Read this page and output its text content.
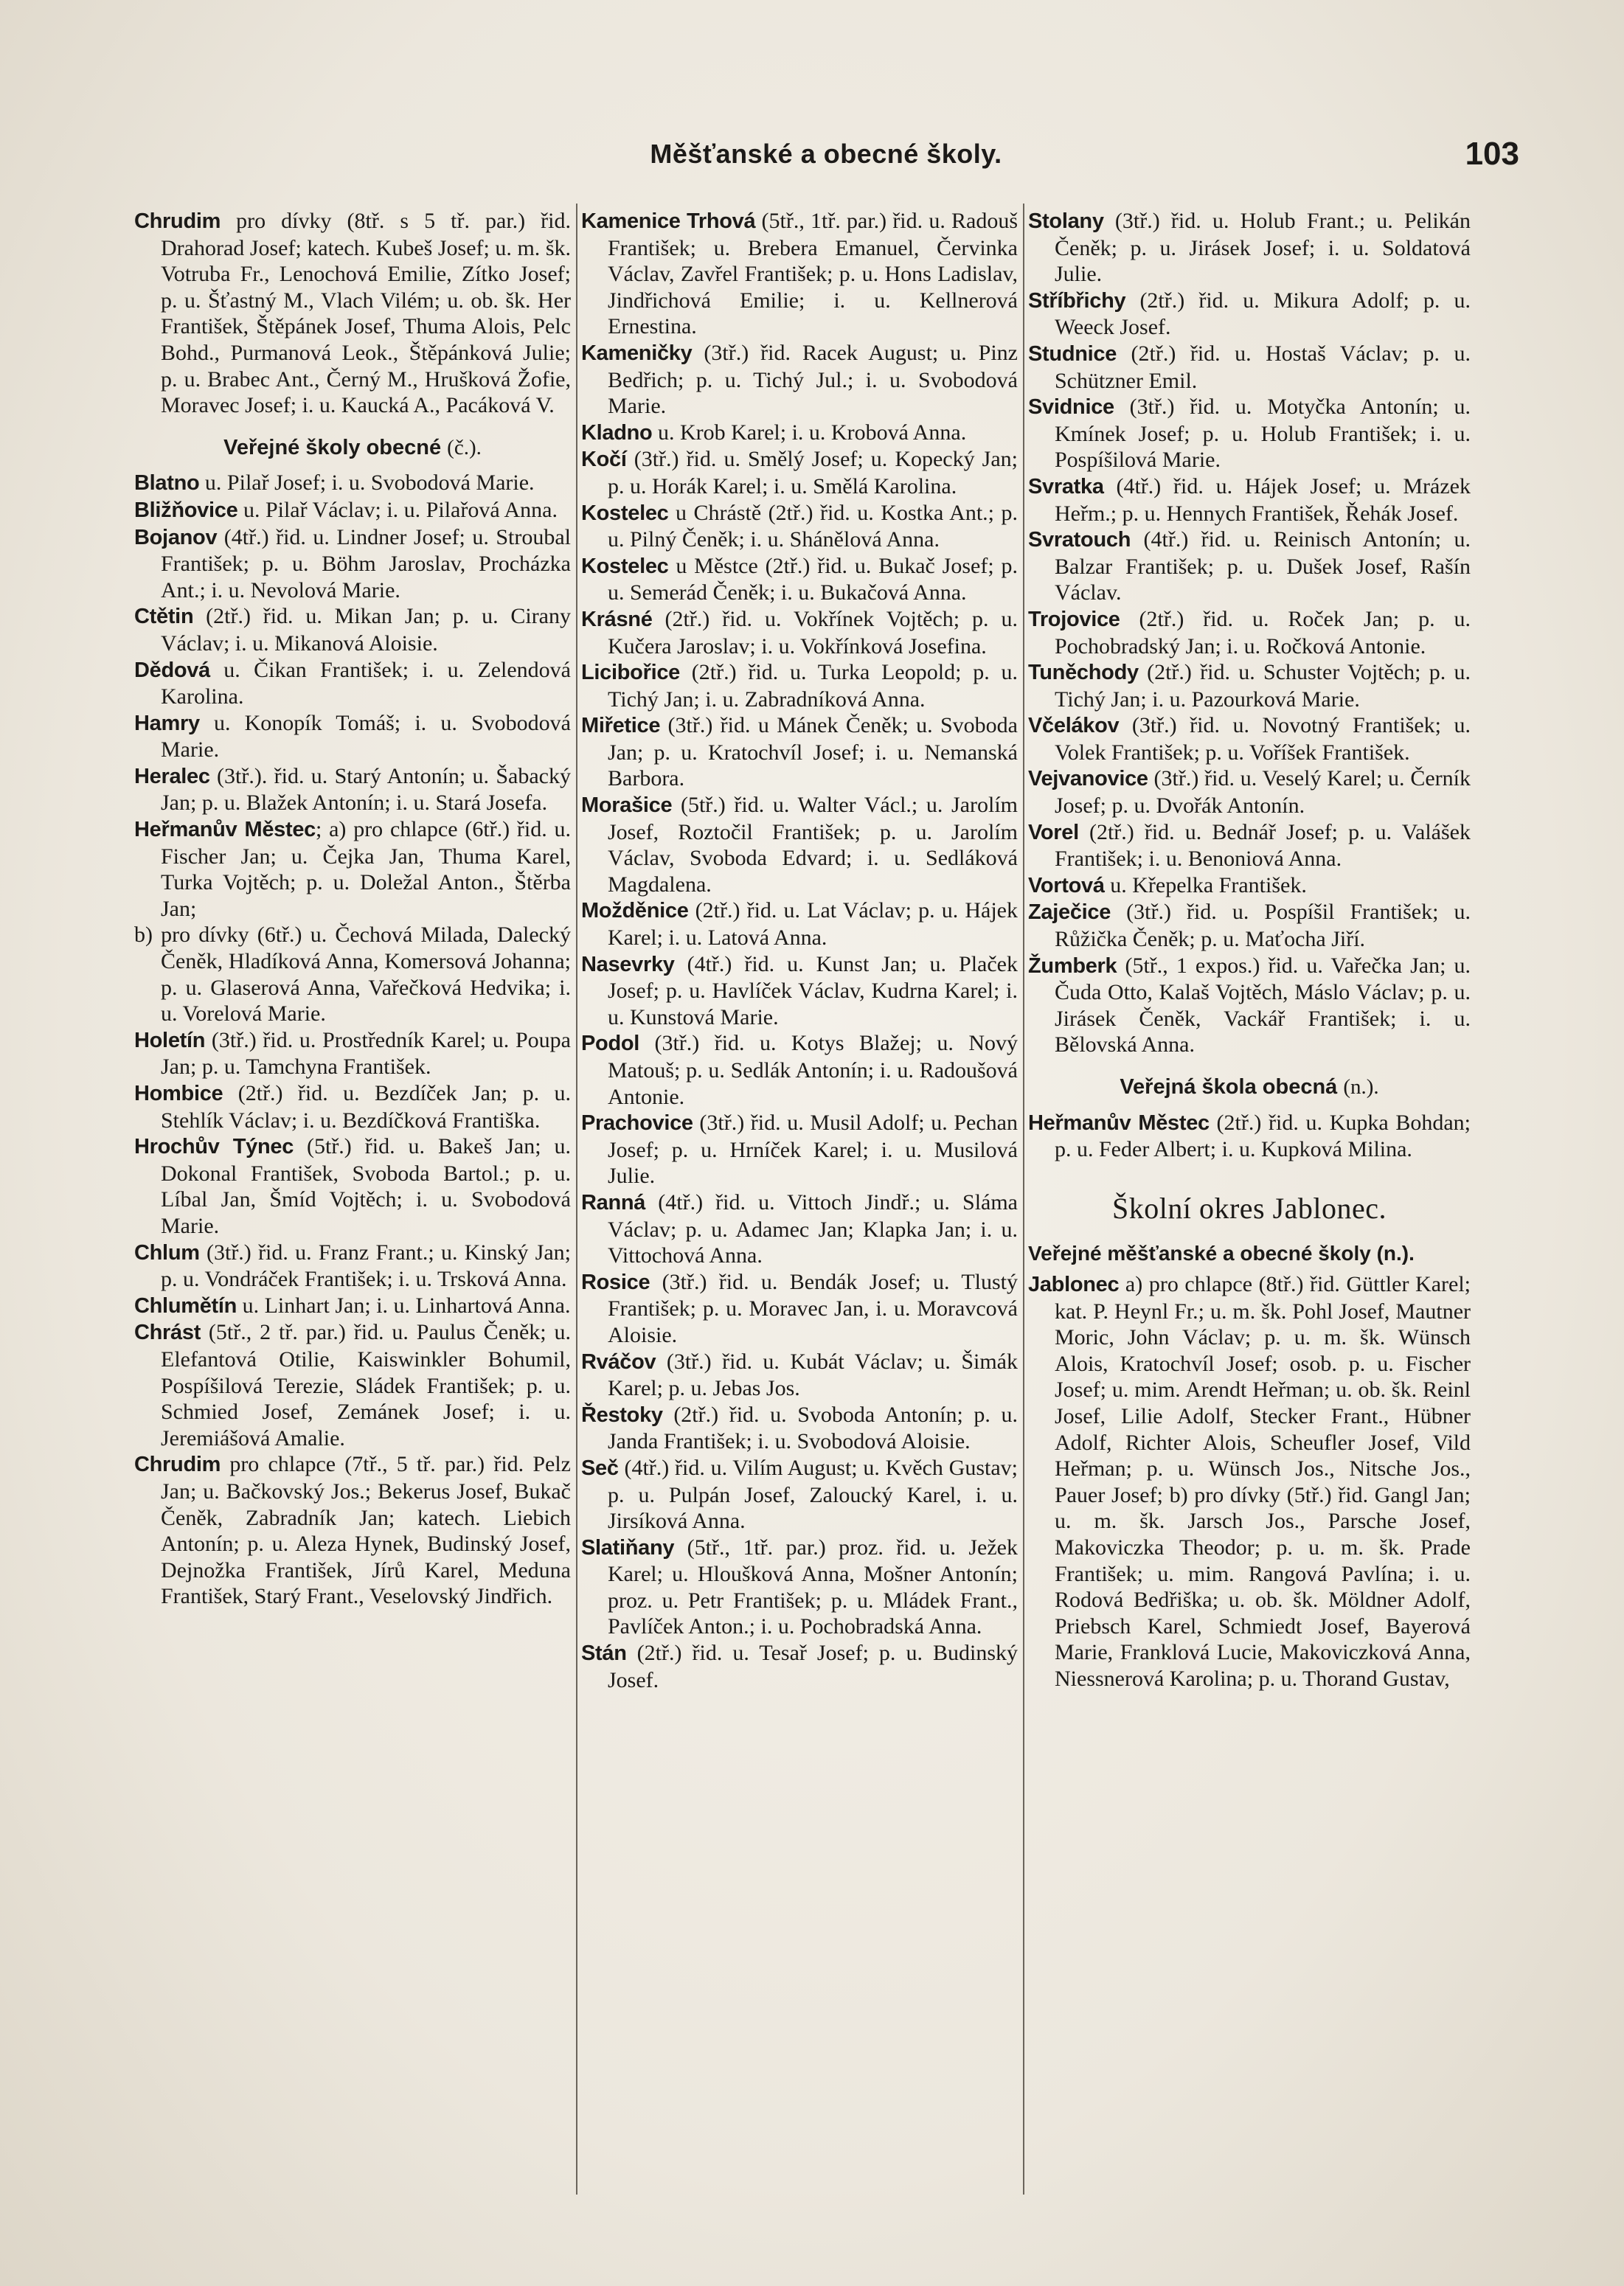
Měšťanské a obecné školy.	103

Chrudim pro dívky (8tř. s 5 tř. par.) řid. Drahorad Josef; katech. Kubeš Josef; u. m. šk. Votruba Fr., Lenochová Emilie, Zítko Josef; p. u. Šťastný M., Vlach Vilém; u. ob. šk. Her František, Štěpánek Josef, Thuma Alois, Pelc Bohd., Purmanová Leok., Štěpánková Julie; p. u. Brabec Ant., Černý M., Hrušková Žofie, Moravec Josef; i. u. Kaucká A., Pacáková V.

Veřejné školy obecné (č.).

Blatno u. Pilař Josef; i. u. Svobodová Marie.

Bližňovice u. Pilař Václav; i. u. Pilařová Anna.

Bojanov (4tř.) řid. u. Lindner Josef; u. Stroubal František; p. u. Böhm Jaroslav, Procházka Ant.; i. u. Nevolová Marie.

Ctětin (2tř.) řid. u. Mikan Jan; p. u. Cirany Václav; i. u. Mikanová Aloisie.

Dědová u. Čikan František; i. u. Zelendová Karolina.

Hamry u. Konopík Tomáš; i. u. Svobodová Marie.

Heralec (3tř.). řid. u. Starý Antonín; u. Šabacký Jan; p. u. Blažek Antonín; i. u. Stará Josefa.

Heřmanův Městec; a) pro chlapce (6tř.) řid. u. Fischer Jan; u. Čejka Jan, Thuma Karel, Turka Vojtěch; p. u. Doležal Anton., Štěrba Jan;

b) pro dívky (6tř.) u. Čechová Milada, Dalecký Čeněk, Hladíková Anna, Komersová Johanna; p. u. Glaserová Anna, Vařečková Hedvika; i. u. Vorelová Marie.

Holetín (3tř.) řid. u. Prostředník Karel; u. Poupa Jan; p. u. Tamchyna František.

Hombice (2tř.) řid. u. Bezdíček Jan; p. u. Stehlík Václav; i. u. Bezdíčková Františka.

Hrochův Týnec (5tř.) řid. u. Bakeš Jan; u. Dokonal František, Svoboda Bartol.; p. u. Líbal Jan, Šmíd Vojtěch; i. u. Svobodová Marie.

Chlum (3tř.) řid. u. Franz Frant.; u. Kinský Jan; p. u. Vondráček František; i. u. Trsková Anna.

Chlumětín u. Linhart Jan; i. u. Linhartová Anna.

Chrást (5tř., 2 tř. par.) řid. u. Paulus Čeněk; u. Elefantová Otilie, Kaiswinkler Bohumil, Pospíšilová Terezie, Sládek František; p. u. Schmied Josef, Zemánek Josef; i. u. Jeremiášová Amalie.

Chrudim pro chlapce (7tř., 5 tř. par.) řid. Pelz Jan; u. Bačkovský Jos.; Bekerus Josef, Bukač Čeněk, Zabradník Jan; katech. Liebich Antonín; p. u. Aleza Hynek, Budinský Josef, Dejnožka František, Jírů Karel, Meduna František, Starý Frant., Veselovský Jindřich.

Kamenice Trhová (5tř., 1tř. par.) řid. u. Radouš František; u. Brebera Emanuel, Červinka Václav, Zavřel František; p. u. Hons Ladislav, Jindřichová Emilie; i. u. Kellnerová Ernestina.

Kameničky (3tř.) řid. Racek August; u. Pinz Bedřich; p. u. Tichý Jul.; i. u. Svobodová Marie.

Kladno u. Krob Karel; i. u. Krobová Anna.

Kočí (3tř.) řid. u. Smělý Josef; u. Kopecký Jan; p. u. Horák Karel; i. u. Smělá Karolina.

Kostelec u Chrástě (2tř.) řid. u. Kostka Ant.; p. u. Pilný Čeněk; i. u. Shánělová Anna.

Kostelec u Městce (2tř.) řid. u. Bukač Josef; p. u. Semerád Čeněk; i. u. Bukačová Anna.

Krásné (2tř.) řid. u. Vokřínek Vojtěch; p. u. Kučera Jaroslav; i. u. Vokřínková Josefina.

Licibořice (2tř.) řid. u. Turka Leopold; p. u. Tichý Jan; i. u. Zabradníková Anna.

Miřetice (3tř.) řid. u Mánek Čeněk; u. Svoboda Jan; p. u. Kratochvíl Josef; i. u. Nemanská Barbora.

Morašice (5tř.) řid. u. Walter Václ.; u. Jarolím Josef, Roztočil František; p. u. Jarolím Václav, Svoboda Edvard; i. u. Sedláková Magdalena.

Možděnice (2tř.) řid. u. Lat Václav; p. u. Hájek Karel; i. u. Latová Anna.

Nasevrky (4tř.) řid. u. Kunst Jan; u. Plaček Josef; p. u. Havlíček Václav, Kudrna Karel; i. u. Kunstová Marie.

Podol (3tř.) řid. u. Kotys Blažej; u. Nový Matouš; p. u. Sedlák Antonín; i. u. Radoušová Antonie.

Prachovice (3tř.) řid. u. Musil Adolf; u. Pechan Josef; p. u. Hrníček Karel; i. u. Musilová Julie.

Ranná (4tř.) řid. u. Vittoch Jindř.; u. Sláma Václav; p. u. Adamec Jan; Klapka Jan; i. u. Vittochová Anna.

Rosice (3tř.) řid. u. Bendák Josef; u. Tlustý František; p. u. Moravec Jan, i. u. Moravcová Aloisie.

Rváčov (3tř.) řid. u. Kubát Václav; u. Šimák Karel; p. u. Jebas Jos.

Řestoky (2tř.) řid. u. Svoboda Antonín; p. u. Janda František; i. u. Svobodová Aloisie.

Seč (4tř.) řid. u. Vilím August; u. Kvěch Gustav; p. u. Pulpán Josef, Zaloucký Karel, i. u. Jirsíková Anna.

Slatiňany (5tř., 1tř. par.) proz. řid. u. Ježek Karel; u. Hloušková Anna, Mošner Antonín; proz. u. Petr František; p. u. Mládek Frant., Pavlíček Anton.; i. u. Pochobradská Anna.

Stán (2tř.) řid. u. Tesař Josef; p. u. Budinský Josef.

Stolany (3tř.) řid. u. Holub Frant.; u. Pelikán Čeněk; p. u. Jirásek Josef; i. u. Soldatová Julie.

Stříbřichy (2tř.) řid. u. Mikura Adolf; p. u. Weeck Josef.

Studnice (2tř.) řid. u. Hostaš Václav; p. u. Schützner Emil.

Svidnice (3tř.) řid. u. Motyčka Antonín; u. Kmínek Josef; p. u. Holub František; i. u. Pospíšilová Marie.

Svratka (4tř.) řid. u. Hájek Josef; u. Mrázek Heřm.; p. u. Hennych František, Řehák Josef.

Svratouch (4tř.) řid. u. Reinisch Antonín; u. Balzar František; p. u. Dušek Josef, Rašín Václav.

Trojovice (2tř.) řid. u. Roček Jan; p. u. Pochobradský Jan; i. u. Ročková Antonie.

Tuněchody (2tř.) řid. u. Schuster Vojtěch; p. u. Tichý Jan; i. u. Pazourková Marie.

Včelákov (3tř.) řid. u. Novotný František; u. Volek František; p. u. Voříšek František.

Vejvanovice (3tř.) řid. u. Veselý Karel; u. Černík Josef; p. u. Dvořák Antonín.

Vorel (2tř.) řid. u. Bednář Josef; p. u. Valášek František; i. u. Benoniová Anna.

Vortová u. Křepelka František.

Zaječice (3tř.) řid. u. Pospíšil František; u. Růžička Čeněk; p. u. Maťocha Jiří.

Žumberk (5tř., 1 expos.) řid. u. Vařečka Jan; u. Čuda Otto, Kalaš Vojtěch, Máslo Václav; p. u. Jirásek Čeněk, Vackář František; i. u. Bělovská Anna.

Veřejná škola obecná (n.).

Heřmanův Městec (2tř.) řid. u. Kupka Bohdan; p. u. Feder Albert; i. u. Kupková Milina.

Školní okres Jablonec.
Veřejné měšťanské a obecné školy (n.).

Jablonec a) pro chlapce (8tř.) řid. Güttler Karel; kat. P. Heynl Fr.; u. m. šk. Pohl Josef, Mautner Moric, John Václav; p. u. m. šk. Wünsch Alois, Kratochvíl Josef; osob. p. u. Fischer Josef; u. mim. Arendt Heřman; u. ob. šk. Reinl Josef, Lilie Adolf, Stecker Frant., Hübner Adolf, Richter Alois, Scheufler Josef, Vild Heřman; p. u. Wünsch Jos., Nitsche Jos., Pauer Josef; b) pro dívky (5tř.) řid. Gangl Jan; u. m. šk. Jarsch Jos., Parsche Josef, Makoviczka Theodor; p. u. m. šk. Prade František; u. mim. Rangová Pavlína; i. u. Rodová Bedřiška; u. ob. šk. Möldner Adolf, Priebsch Karel, Schmiedt Josef, Bayerová Marie, Franklová Lucie, Makoviczková Anna, Niessnerová Karolina; p. u. Thorand Gustav,
